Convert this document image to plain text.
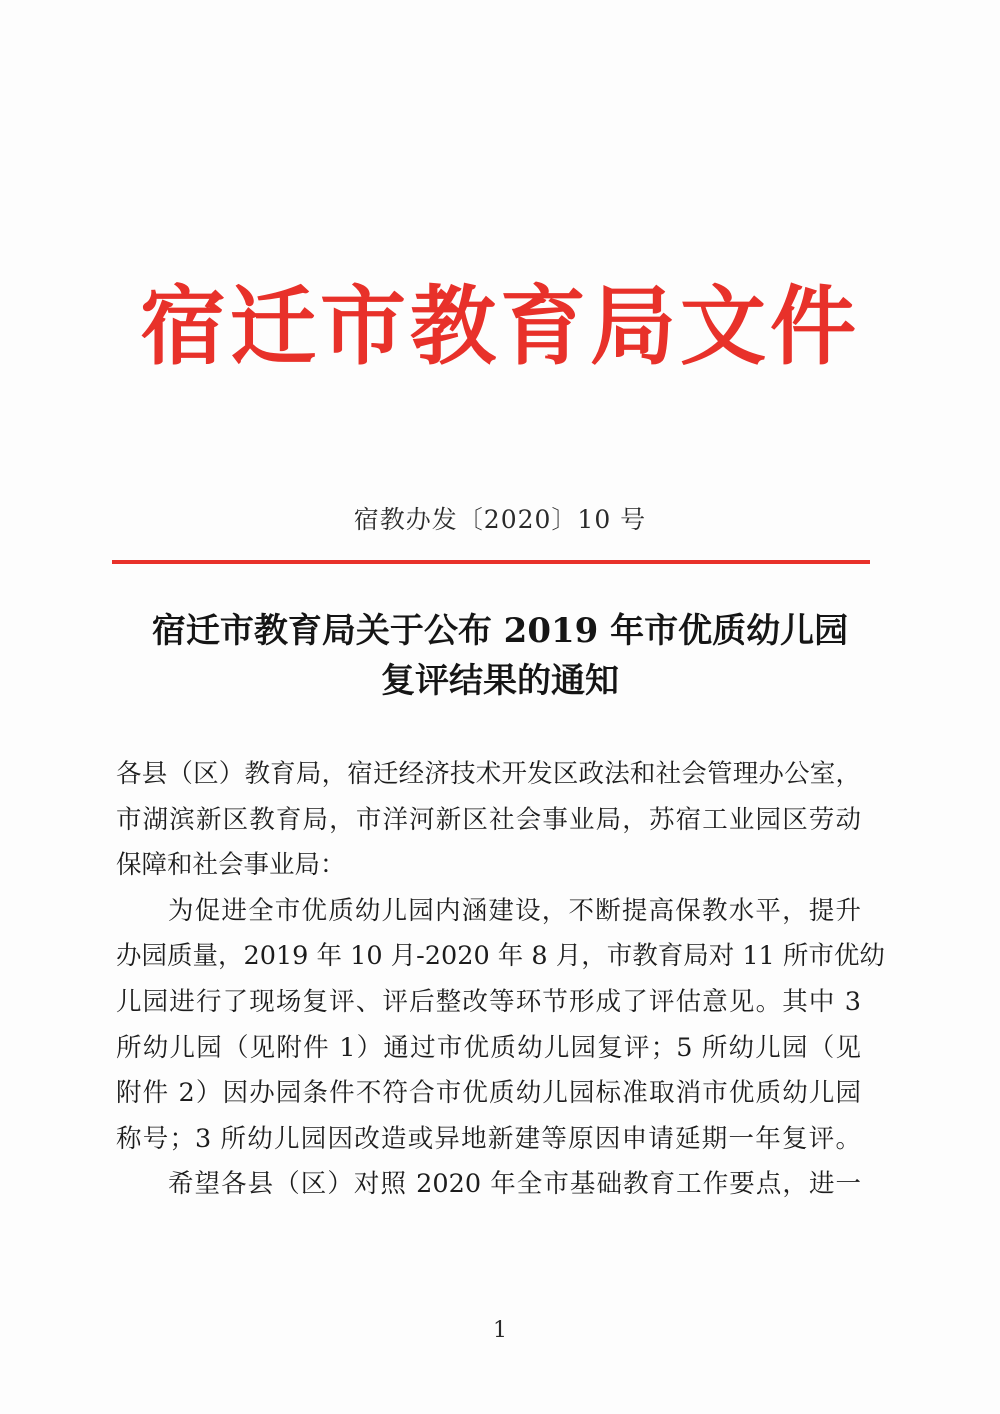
宿迁市教育局文件
宿教办发〔2020〕10 号
宿迁市教育局关于公布 2019 年市优质幼儿园
复评结果的通知
各县（区）教育局，宿迁经济技术开发区政法和社会管理办公室，
市湖滨新区教育局，市洋河新区社会事业局，苏宿工业园区劳动
保障和社会事业局：
为促进全市优质幼儿园内涵建设，不断提高保教水平，提升
办园质量，2019 年 10 月-2020 年 8 月，市教育局对 11 所市优幼
儿园进行了现场复评、评后整改等环节形成了评估意见。其中 3
所幼儿园（见附件 1）通过市优质幼儿园复评；5 所幼儿园（见
附件 2）因办园条件不符合市优质幼儿园标准取消市优质幼儿园
称号；3 所幼儿园因改造或异地新建等原因申请延期一年复评。
希望各县（区）对照 2020 年全市基础教育工作要点，进一
1
